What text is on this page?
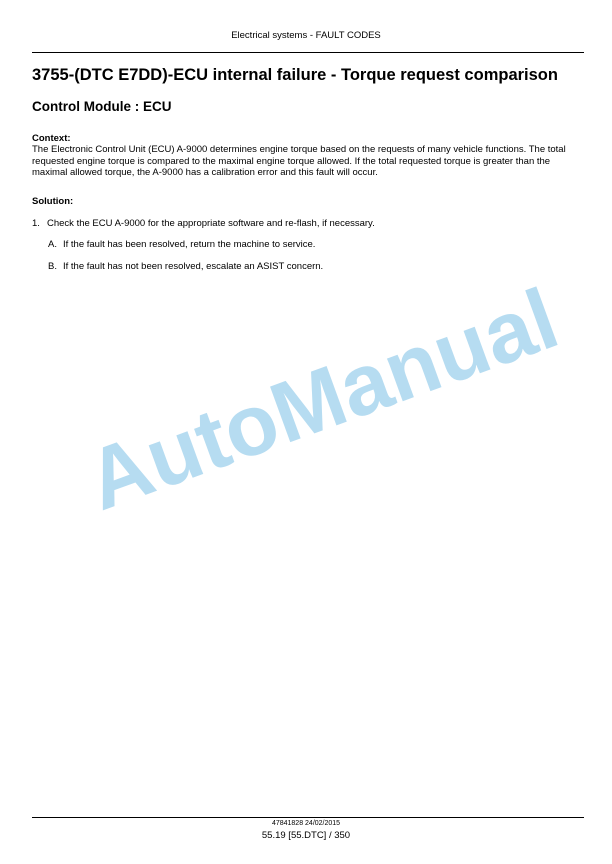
Electrical systems - FAULT CODES
3755-(DTC E7DD)-ECU internal failure - Torque request comparison
Control Module : ECU
Context:

The Electronic Control Unit (ECU) A-9000 determines engine torque based on the requests of many vehicle functions. The total requested engine torque is compared to the maximal engine torque allowed. If the total requested torque is greater than the maximal allowed torque, the A-9000 has a calibration error and this fault will occur.

Solution:
1. Check the ECU A-9000 for the appropriate software and re-flash, if necessary.
A. If the fault has been resolved, return the machine to service.
B. If the fault has not been resolved, escalate an ASIST concern.
AutoManual
47841828 24/02/2015
55.19 [55.DTC] / 350
